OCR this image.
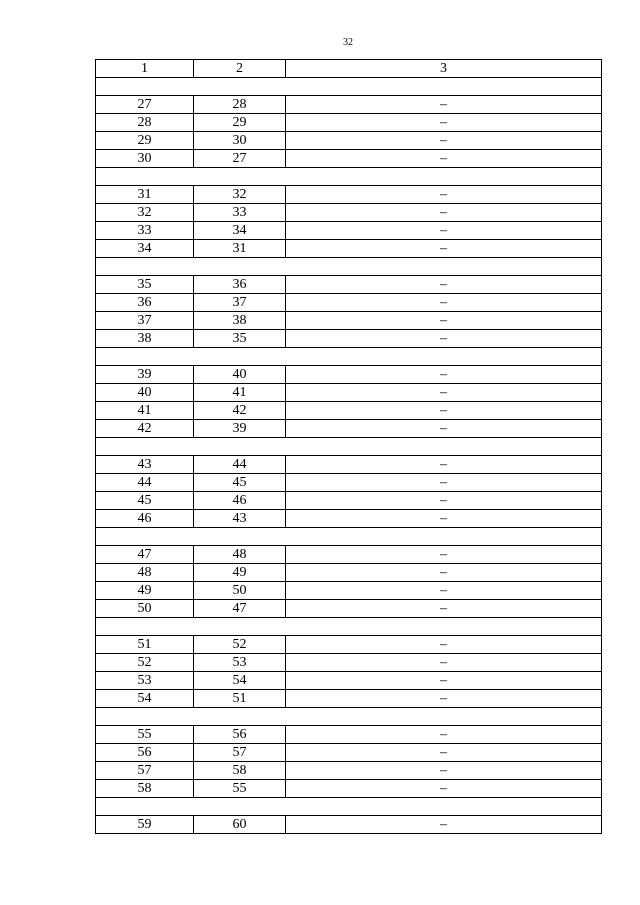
32
1	2	3

27	28	–
28	29	–
29	30	–
30	27	–

31	32	–
32	33	–
33	34	–
34	31	–

35	36	–
36	37	–
37	38	–
38	35	–

39	40	–
40	41	–
41	42	–
42	39	–

43	44	–
44	45	–
45	46	–
46	43	–

47	48	–
48	49	–
49	50	–
50	47	–

51	52	–
52	53	–
53	54	–
54	51	–

55	56	–
56	57	–
57	58	–
58	55	–

59	60	–
